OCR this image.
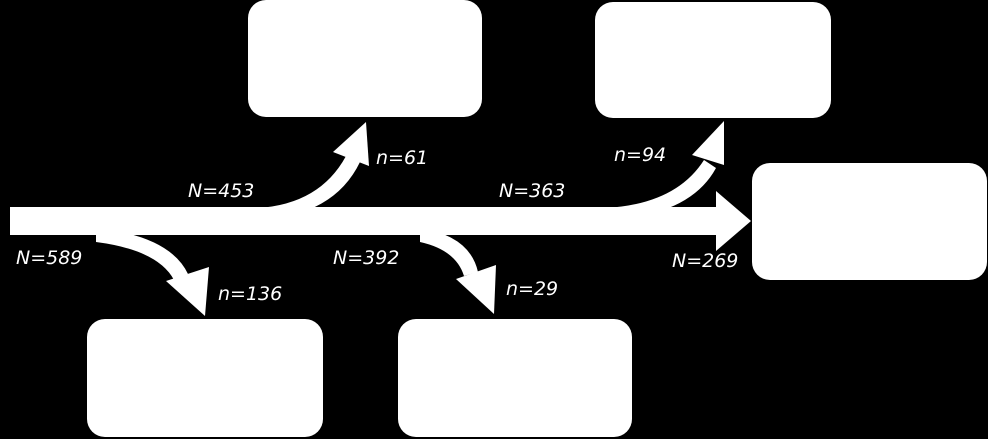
N=589
N=453
n=61
n=136
N=392
N=363
n=94
n=29
N=269
